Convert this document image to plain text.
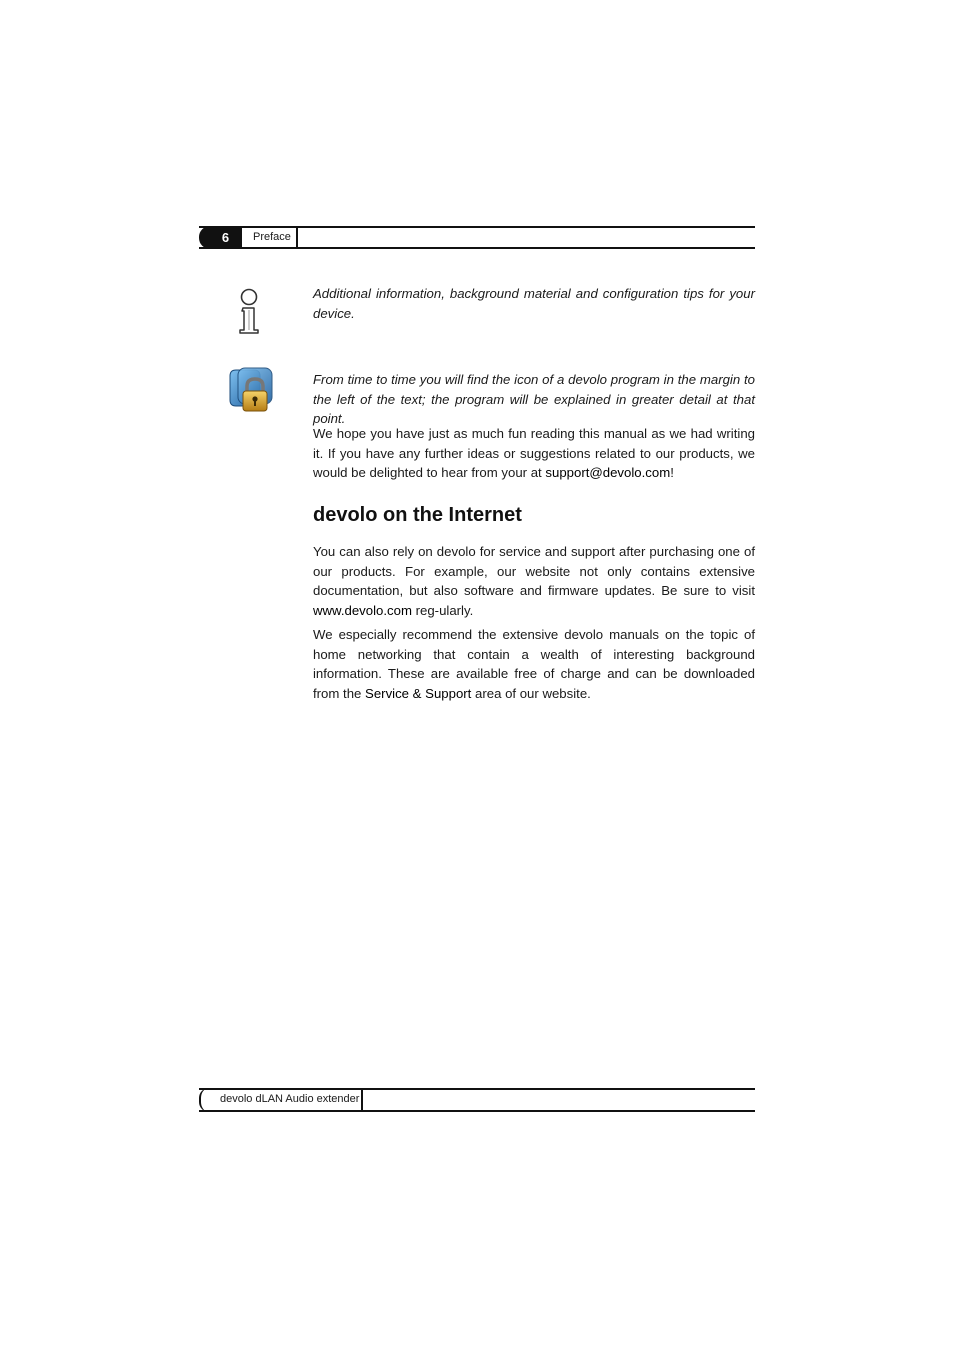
6	Preface
Additional information, background material and configuration tips for your device.
From time to time you will find the icon of a devolo program in the margin to the left of the text; the program will be explained in greater detail at that point.
We hope you have just as much fun reading this manual as we had writing it. If you have any further ideas or suggestions related to our products, we would be delighted to hear from your at support@devolo.com!
devolo on the Internet
You can also rely on devolo for service and support after purchasing one of our products. For example, our website not only contains extensive documentation, but also software and firmware updates. Be sure to visit www.devolo.com reg-ularly.
We especially recommend the extensive devolo manuals on the topic of home networking that contain a wealth of interesting background information. These are available free of charge and can be downloaded from the Service & Support area of our website.
devolo dLAN Audio extender
